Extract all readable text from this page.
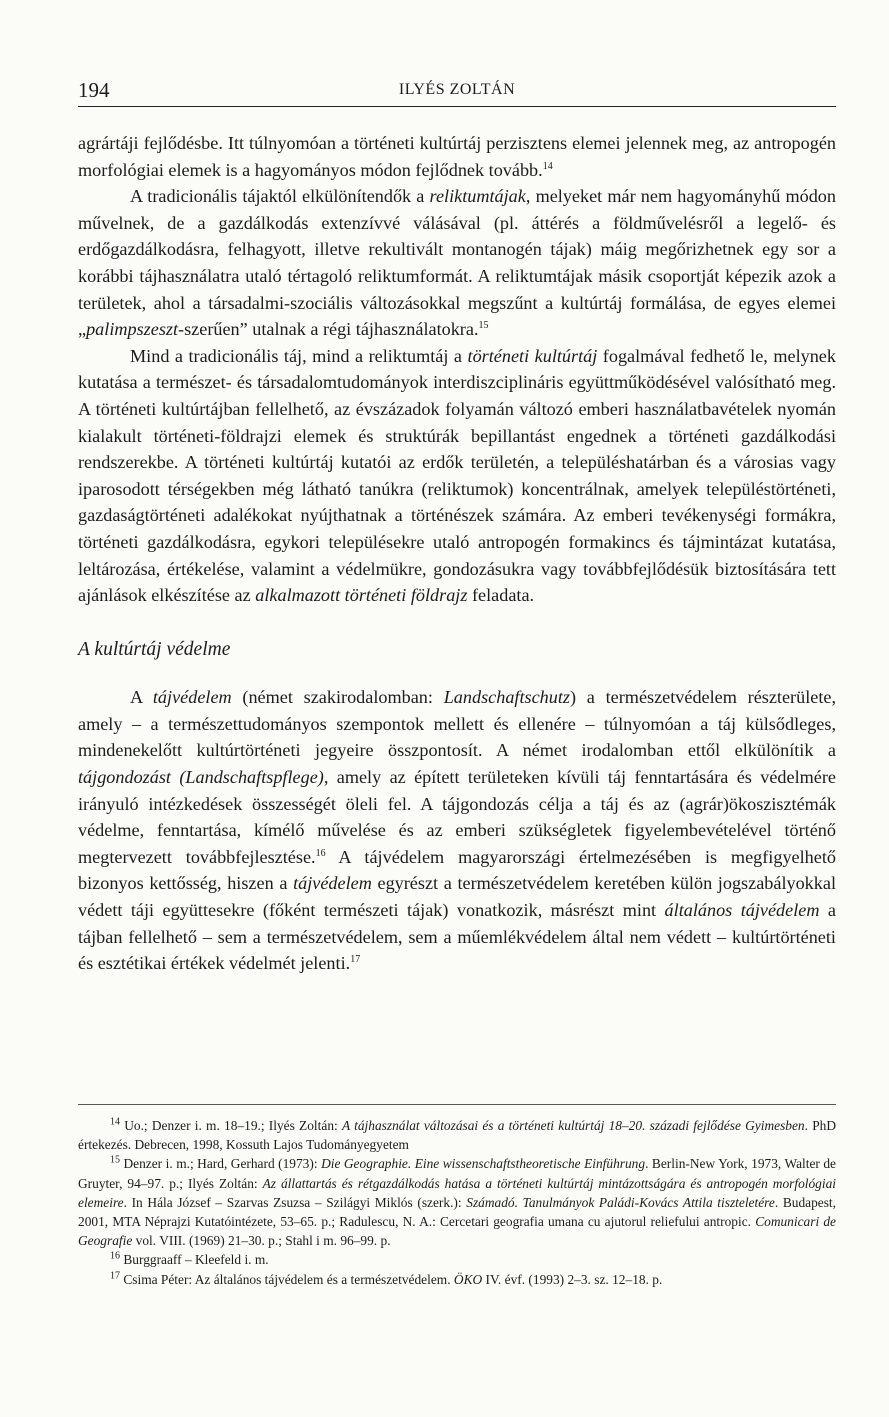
194	ILYÉS ZOLTÁN

agrártáji fejlődésbe. Itt túlnyomóan a történeti kultúrtáj perzisztens elemei jelennek meg, az antropogén morfológiai elemek is a hagyományos módon fejlődnek tovább.$^{14}$

A tradicionális tájaktól elkülönítendők a reliktumtájak, melyeket már nem hagyományhű módon művelnek, de a gazdálkodás extenzívvé válásával (pl. áttérés a földművelésről a legelő- és erdőgazdálkodásra, felhagyott, illetve rekultivált montanogén tájak) máig megőrizhetnek egy sor a korábbi tájhasználatra utaló tértagoló reliktumformát. A reliktumtájak másik csoportját képezik azok a területek, ahol a társadalmi-szociális változásokkal megszűnt a kultúrtáj formálása, de egyes elemei „palimpszeszt-szerűen” utalnak a régi tájhasználatokra.$^{15}$

Mind a tradicionális táj, mind a reliktumtáj a történeti kultúrtáj fogalmával fedhető le, melynek kutatása a természet- és társadalomtudományok interdiszciplináris együttműködésével valósítható meg. A történeti kultúrtájban fellelhető, az évszázadok folyamán változó emberi használatbavételek nyomán kialakult történeti-földrajzi elemek és struktúrák bepillantást engednek a történeti gazdálkodási rendszerekbe. A történeti kultúrtáj kutatói az erdők területén, a településhatárban és a városias vagy iparosodott térségekben még látható tanúkra (reliktumok) koncentrálnak, amelyek településtörténeti, gazdaságtörténeti adalékokat nyújthatnak a történészek számára. Az emberi tevékenységi formákra, történeti gazdálkodásra, egykori településekre utaló antropogén formakincs és tájmintázat kutatása, leltározása, értékelése, valamint a védelmükre, gondozásukra vagy továbbfejlődésük biztosítására tett ajánlások elkészítése az alkalmazott történeti földrajz feladata.

A kultúrtáj védelme

A tájvédelem (német szakirodalomban: Landschaftschutz) a természetvédelem részterülete, amely – a természettudományos szempontok mellett és ellenére – túlnyomóan a táj külsődleges, mindenekelőtt kultúrtörténeti jegyeire összpontosít. A német irodalomban ettől elkülönítik a tájgondozást (Landschaftspflege), amely az épített területeken kívüli táj fenntartására és védelmére irányuló intézkedések összességét öleli fel. A tájgondozás célja a táj és az (agrár)ökoszisztémák védelme, fenntartása, kímélő művelése és az emberi szükségletek figyelembevételével történő megtervezett továbbfejlesztése.$^{16}$ A tájvédelem magyarországi értelmezésében is megfigyelhető bizonyos kettősség, hiszen a tájvédelem egyrészt a természetvédelem keretében külön jogszabályokkal védett táji együttesekre (főként természeti tájak) vonatkozik, másrészt mint általános tájvédelem a tájban fellelhető – sem a természetvédelem, sem a műemlékvédelem által nem védett – kultúrtörténeti és esztétikai értékek védelmét jelenti.$^{17}$

$^{14}$ Uo.; Denzer i. m. 18–19.; Ilyés Zoltán: A tájhasználat változásai és a történeti kultúrtáj 18–20. századi fejlődése Gyimesben. PhD értekezés. Debrecen, 1998, Kossuth Lajos Tudományegyetem

$^{15}$ Denzer i. m.; Hard, Gerhard (1973): Die Geographie. Eine wissenschaftstheoretische Einführung. Berlin-New York, 1973, Walter de Gruyter, 94–97. p.; Ilyés Zoltán: Az állattartás és rétgazdálkodás hatása a történeti kultúrtáj mintázottságára és antropogén morfológiai elemeire. In Hála József – Szarvas Zsuzsa – Szilágyi Miklós (szerk.): Számadó. Tanulmányok Paládi-Kovács Attila tiszteletére. Budapest, 2001, MTA Néprajzi Kutatóintézete, 53–65. p.; Radulescu, N. A.: Cercetari geografia umana cu ajutorul reliefului antropic. Comunicari de Geografie vol. VIII. (1969) 21–30. p.; Stahl i m. 96–99. p.

$^{16}$ Burggraaff – Kleefeld i. m.

$^{17}$ Csima Péter: Az általános tájvédelem és a természetvédelem. ÖKO IV. évf. (1993) 2–3. sz. 12–18. p.
